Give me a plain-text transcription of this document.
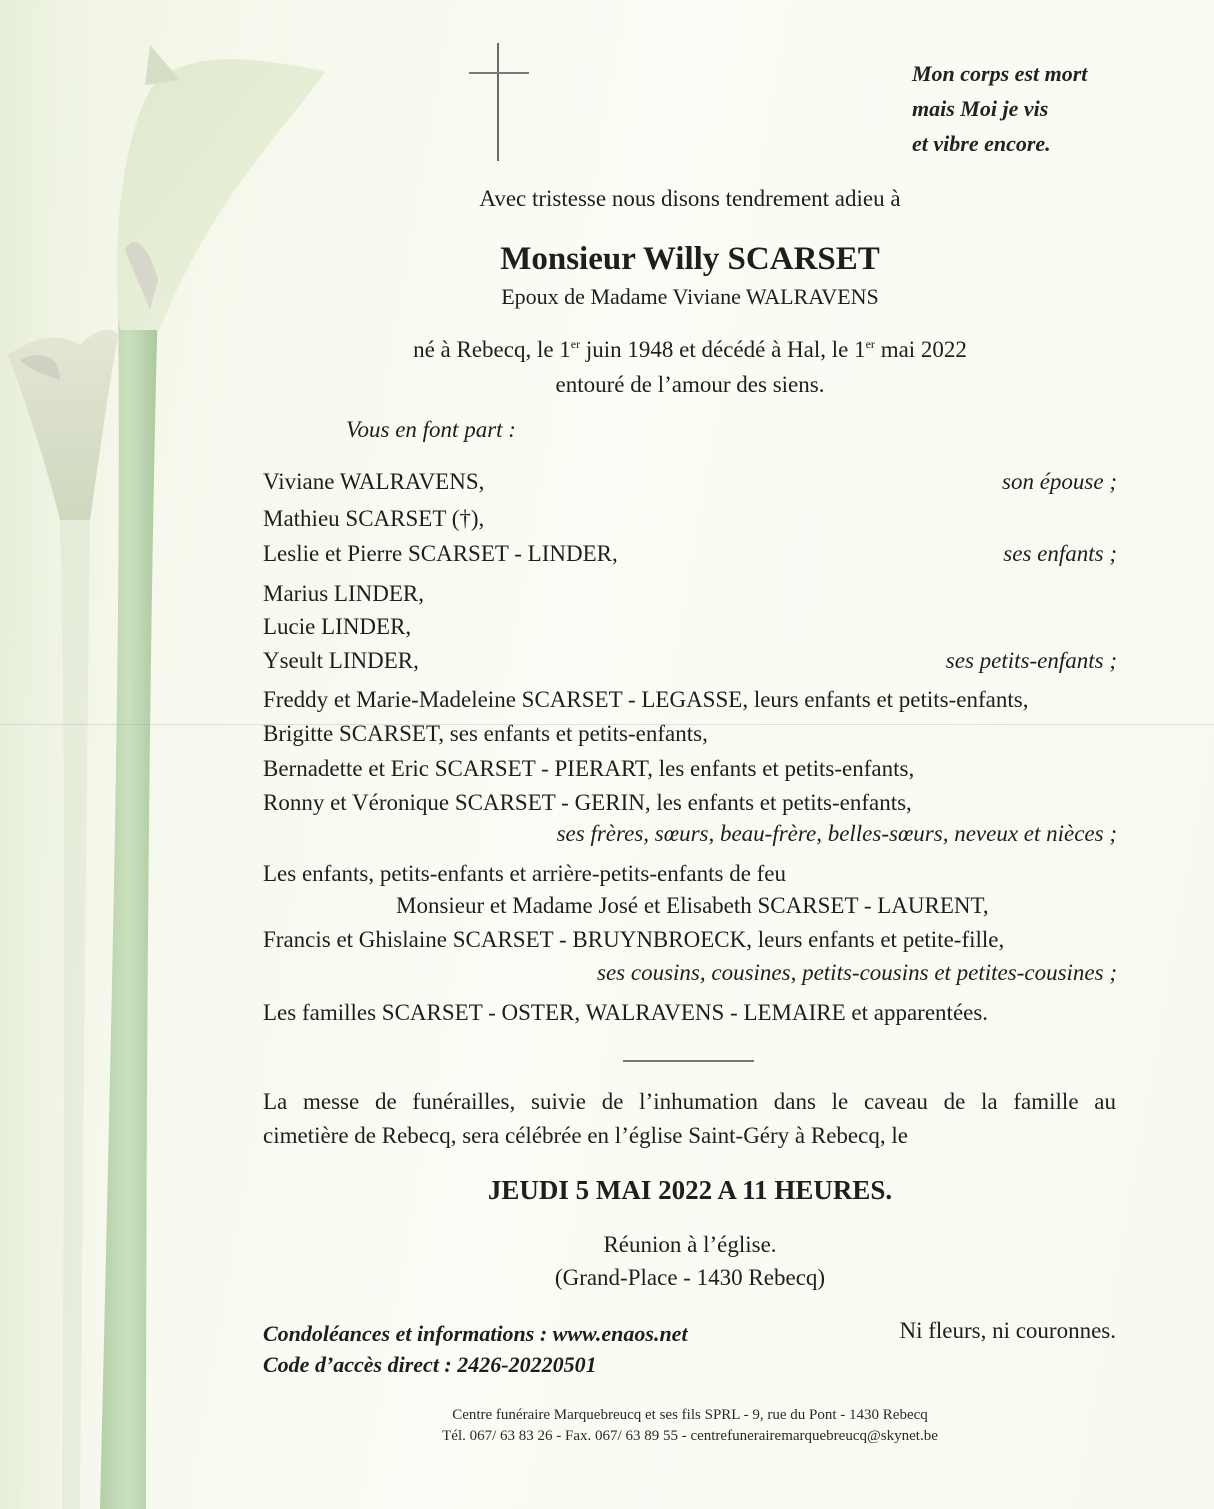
Mon corps est mort
mais Moi je vis
et vibre encore.
Avec tristesse nous disons tendrement adieu à
Monsieur Willy SCARSET
Epoux de Madame Viviane WALRAVENS
né à Rebecq, le 1er juin 1948 et décédé à Hal, le 1er mai 2022
entouré de l’amour des siens.
Vous en font part :
Viviane WALRAVENS,	son épouse ;
Mathieu SCARSET (†),
Leslie et Pierre SCARSET - LINDER,	ses enfants ;
Marius LINDER,
Lucie LINDER,
Yseult LINDER,	ses petits-enfants ;
Freddy et Marie-Madeleine SCARSET - LEGASSE, leurs enfants et petits-enfants,
Brigitte SCARSET, ses enfants et petits-enfants,
Bernadette et Eric SCARSET - PIERART, les enfants et petits-enfants,
Ronny et Véronique SCARSET - GERIN, les enfants et petits-enfants,
ses frères, sœurs, beau-frère, belles-sœurs, neveux et nièces ;
Les enfants, petits-enfants et arrière-petits-enfants de feu
Monsieur et Madame José et Elisabeth SCARSET - LAURENT,
Francis et Ghislaine SCARSET - BRUYNBROECK, leurs enfants et petite-fille,
ses cousins, cousines, petits-cousins et petites-cousines ;
Les familles SCARSET - OSTER, WALRAVENS - LEMAIRE et apparentées.
La messe de funérailles, suivie de l’inhumation dans le caveau de la famille au
cimetière de Rebecq, sera célébrée en l’église Saint-Géry à Rebecq, le
JEUDI 5 MAI 2022 A 11 HEURES.
Réunion à l’église.
(Grand-Place - 1430 Rebecq)
Condoléances et informations : www.enaos.net
Code d’accès direct : 2426-20220501
Ni fleurs, ni couronnes.
Centre funéraire Marquebreucq et ses fils SPRL - 9, rue du Pont - 1430 Rebecq
Tél. 067/ 63 83 26 - Fax. 067/ 63 89 55 - centrefunerairemarquebreucq@skynet.be
